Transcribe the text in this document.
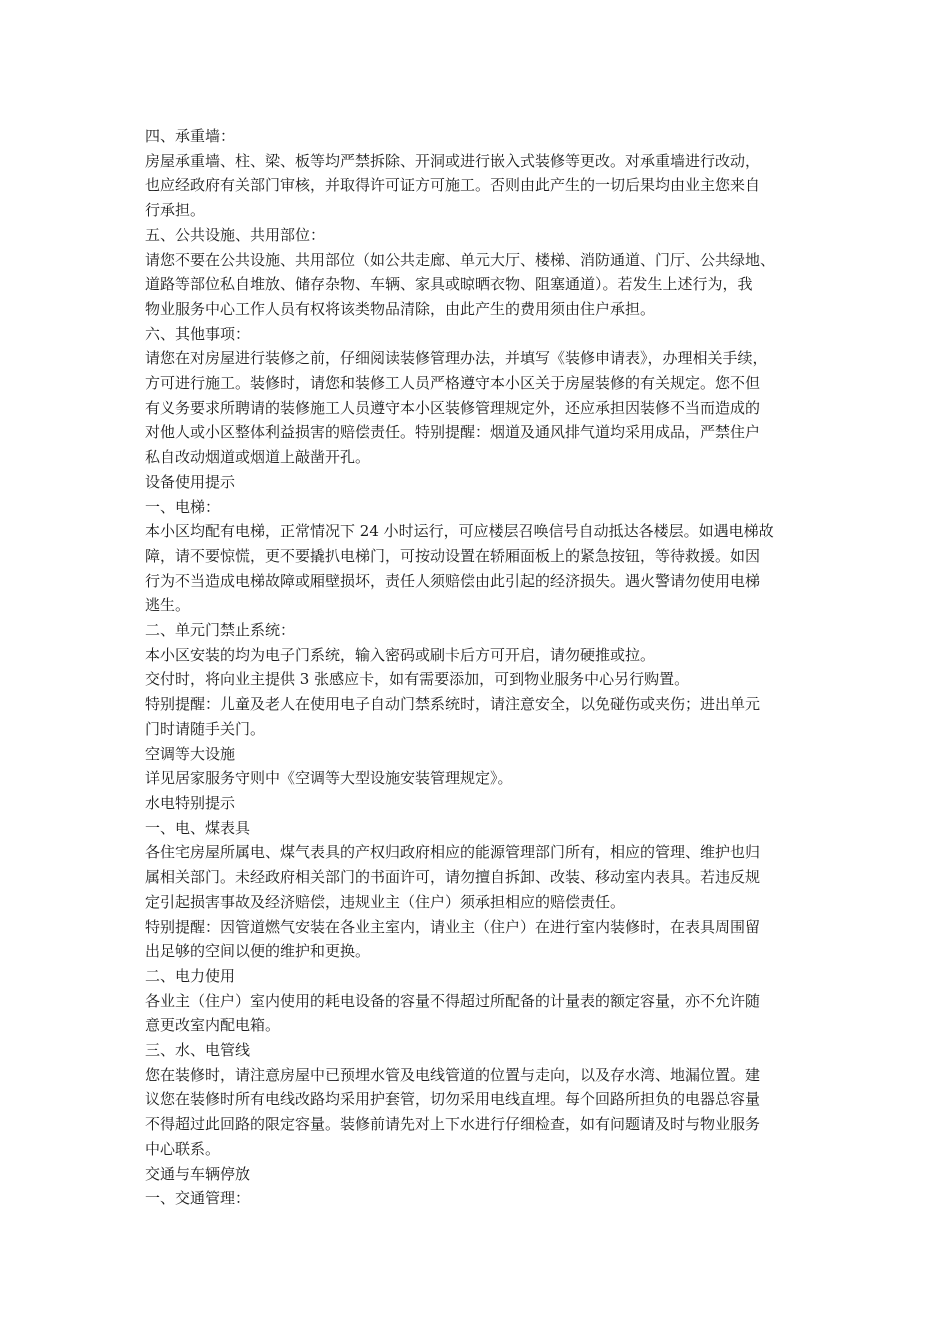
四、承重墙：
房屋承重墙、柱、梁、板等均严禁拆除、开洞或进行嵌入式装修等更改。对承重墙进行改动，
也应经政府有关部门审核，并取得许可证方可施工。否则由此产生的一切后果均由业主您来自
行承担。
五、公共设施、共用部位：
请您不要在公共设施、共用部位（如公共走廊、单元大厅、楼梯、消防通道、门厅、公共绿地、
道路等部位私自堆放、储存杂物、车辆、家具或晾晒衣物、阻塞通道）。若发生上述行为，我
物业服务中心工作人员有权将该类物品清除，由此产生的费用须由住户承担。
六、其他事项：
请您在对房屋进行装修之前，仔细阅读装修管理办法，并填写《装修申请表》，办理相关手续，
方可进行施工。装修时，请您和装修工人员严格遵守本小区关于房屋装修的有关规定。您不但
有义务要求所聘请的装修施工人员遵守本小区装修管理规定外，还应承担因装修不当而造成的
对他人或小区整体利益损害的赔偿责任。特别提醒：烟道及通风排气道均采用成品，严禁住户
私自改动烟道或烟道上敲凿开孔。
设备使用提示
一、电梯：
本小区均配有电梯，正常情况下 24 小时运行，可应楼层召唤信号自动抵达各楼层。如遇电梯故
障，请不要惊慌，更不要撬扒电梯门，可按动设置在轿厢面板上的紧急按钮，等待救援。如因
行为不当造成电梯故障或厢壁损坏，责任人须赔偿由此引起的经济损失。遇火警请勿使用电梯
逃生。
二、单元门禁止系统：
本小区安装的均为电子门系统，输入密码或刷卡后方可开启，请勿硬推或拉。
交付时，将向业主提供 3 张感应卡，如有需要添加，可到物业服务中心另行购置。
特别提醒：儿童及老人在使用电子自动门禁系统时，请注意安全，以免碰伤或夹伤；进出单元
门时请随手关门。
空调等大设施
详见居家服务守则中《空调等大型设施安装管理规定》。
水电特别提示
一、电、煤表具
各住宅房屋所属电、煤气表具的产权归政府相应的能源管理部门所有，相应的管理、维护也归
属相关部门。未经政府相关部门的书面许可，请勿擅自拆卸、改装、移动室内表具。若违反规
定引起损害事故及经济赔偿，违规业主（住户）须承担相应的赔偿责任。
特别提醒：因管道燃气安装在各业主室内，请业主（住户）在进行室内装修时，在表具周围留
出足够的空间以便的维护和更换。
二、电力使用
各业主（住户）室内使用的耗电设备的容量不得超过所配备的计量表的额定容量，亦不允许随
意更改室内配电箱。
三、水、电管线
您在装修时，请注意房屋中已预埋水管及电线管道的位置与走向，以及存水湾、地漏位置。建
议您在装修时所有电线改路均采用护套管，切勿采用电线直埋。每个回路所担负的电器总容量
不得超过此回路的限定容量。装修前请先对上下水进行仔细检查，如有问题请及时与物业服务
中心联系。
交通与车辆停放
一、交通管理：
